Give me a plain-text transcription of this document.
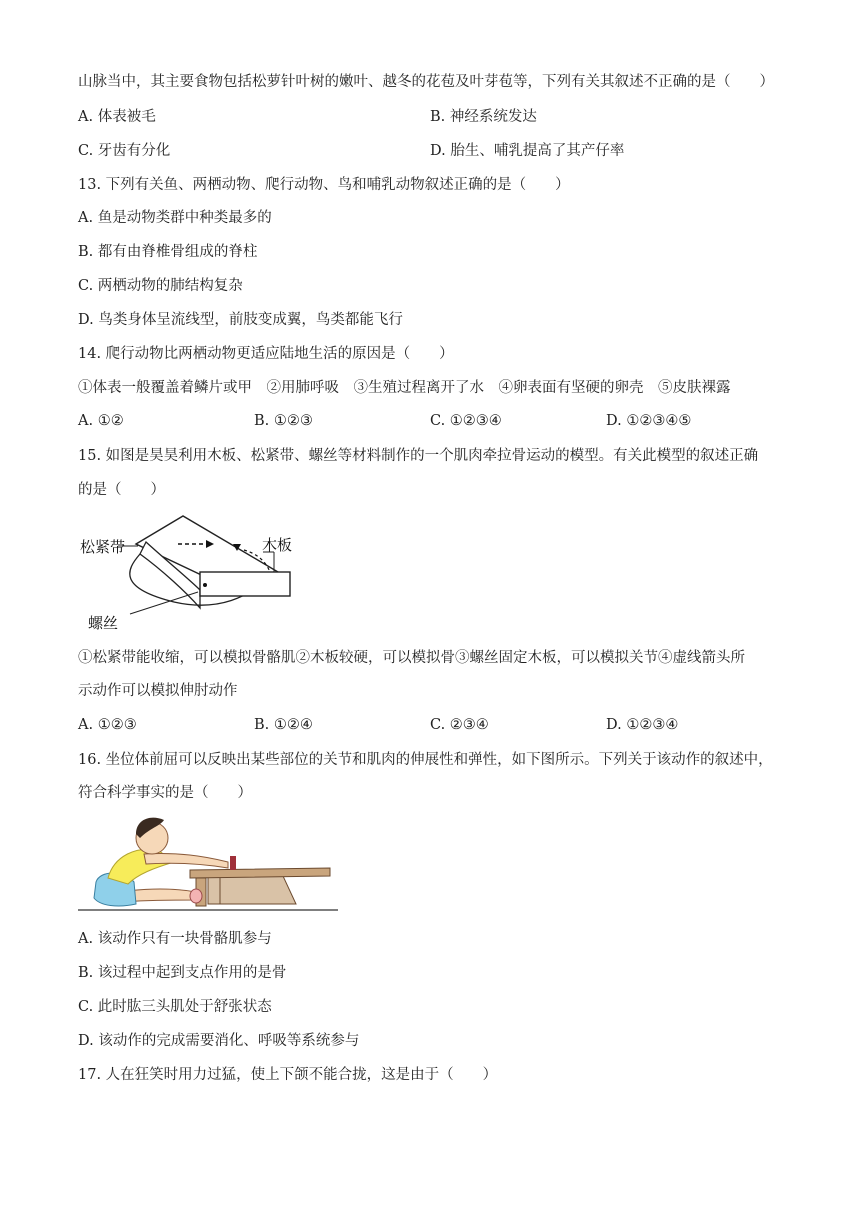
山脉当中，其主要食物包括松萝针叶树的嫩叶、越冬的花苞及叶芽苞等，下列有关其叙述不正确的是（　　）
A. 体表被毛	B. 神经系统发达
C. 牙齿有分化	D. 胎生、哺乳提高了其产仔率
13. 下列有关鱼、两栖动物、爬行动物、鸟和哺乳动物叙述正确的是（　　）
A. 鱼是动物类群中种类最多的
B. 都有由脊椎骨组成的脊柱
C. 两栖动物的肺结构复杂
D. 鸟类身体呈流线型，前肢变成翼，鸟类都能飞行
14. 爬行动物比两栖动物更适应陆地生活的原因是（　　）
①体表一般覆盖着鳞片或甲　②用肺呼吸　③生殖过程离开了水　④卵表面有坚硬的卵壳　⑤皮肤裸露
A. ①②	B. ①②③	C. ①②③④	D. ①②③④⑤
15. 如图是昊昊利用木板、松紧带、螺丝等材料制作的一个肌肉牵拉骨运动的模型。有关此模型的叙述正确
的是（　　）
松紧带	木板
螺丝
①松紧带能收缩，可以模拟骨骼肌②木板较硬，可以模拟骨③螺丝固定木板，可以模拟关节④虚线箭头所
示动作可以模拟伸肘动作
A. ①②③	B. ①②④	C. ②③④	D. ①②③④
16. 坐位体前屈可以反映出某些部位的关节和肌肉的伸展性和弹性，如下图所示。下列关于该动作的叙述中，
符合科学事实的是（　　）
A. 该动作只有一块骨骼肌参与
B. 该过程中起到支点作用的是骨
C. 此时肱三头肌处于舒张状态
D. 该动作的完成需要消化、呼吸等系统参与
17. 人在狂笑时用力过猛，使上下颌不能合拢，这是由于（　　）
